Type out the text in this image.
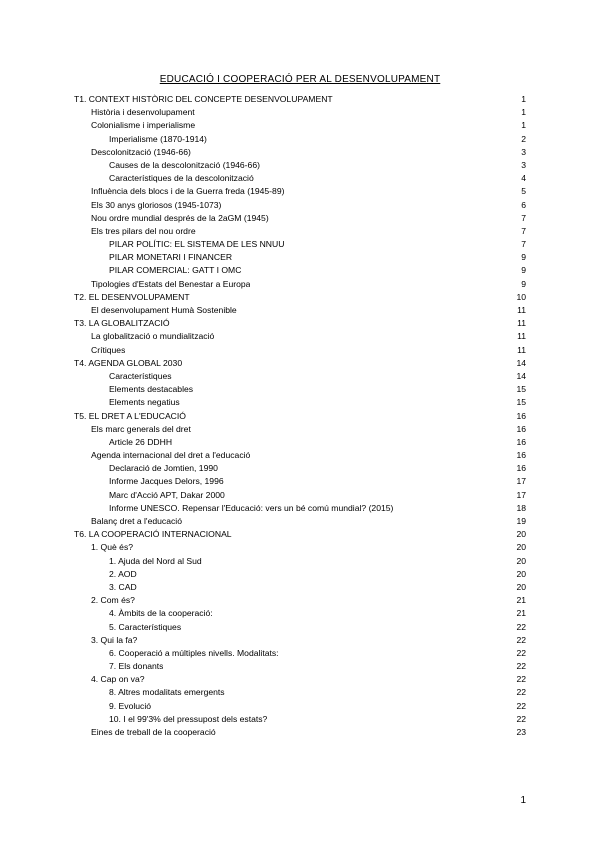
EDUCACIÓ I COOPERACIÓ PER AL DESENVOLUPAMENT
T1. CONTEXT HISTÒRIC DEL CONCEPTE DESENVOLUPAMENT	1
Història i desenvolupament	1
Colonialisme i imperialisme	1
Imperialisme (1870-1914)	2
Descolonització (1946-66)	3
Causes de la descolonització (1946-66)	3
Característiques de la descolonització	4
Influència dels blocs i de la Guerra freda (1945-89)	5
Els 30 anys gloriosos (1945-1073)	6
Nou ordre mundial després de la 2aGM (1945)	7
Els tres pilars del nou ordre	7
PILAR POLÍTIC: EL SISTEMA DE LES NNUU	7
PILAR MONETARI I FINANCER	9
PILAR COMERCIAL: GATT I OMC	9
Tipologies d'Estats del Benestar a Europa	9
T2. EL DESENVOLUPAMENT	10
El desenvolupament Humà Sostenible	11
T3. LA GLOBALITZACIÓ	11
La globalització o mundialització	11
Crítiques	11
T4. AGENDA GLOBAL 2030	14
Característiques	14
Elements destacables	15
Elements negatius	15
T5. EL DRET A L'EDUCACIÓ	16
Els marc generals del dret	16
Article 26 DDHH	16
Agenda internacional del dret a l'educació	16
Declaració de Jomtien, 1990	16
Informe Jacques Delors, 1996	17
Marc d'Acció APT, Dakar 2000	17
Informe UNESCO. Repensar l'Educació: vers un bé comú mundial? (2015)	18
Balanç dret a l'educació	19
T6. LA COOPERACIÓ INTERNACIONAL	20
1. Què és?	20
1. Ajuda del Nord al Sud	20
2. AOD	20
3. CAD	20
2. Com és?	21
4. Àmbits de la cooperació:	21
5. Característiques	22
3. Qui la fa?	22
6. Cooperació a múltiples nivells. Modalitats:	22
7. Els donants	22
4. Cap on va?	22
8. Altres modalitats emergents	22
9. Evolució	22
10. I el 99'3% del pressupost dels estats?	22
Eines de treball de la cooperació	23
1
